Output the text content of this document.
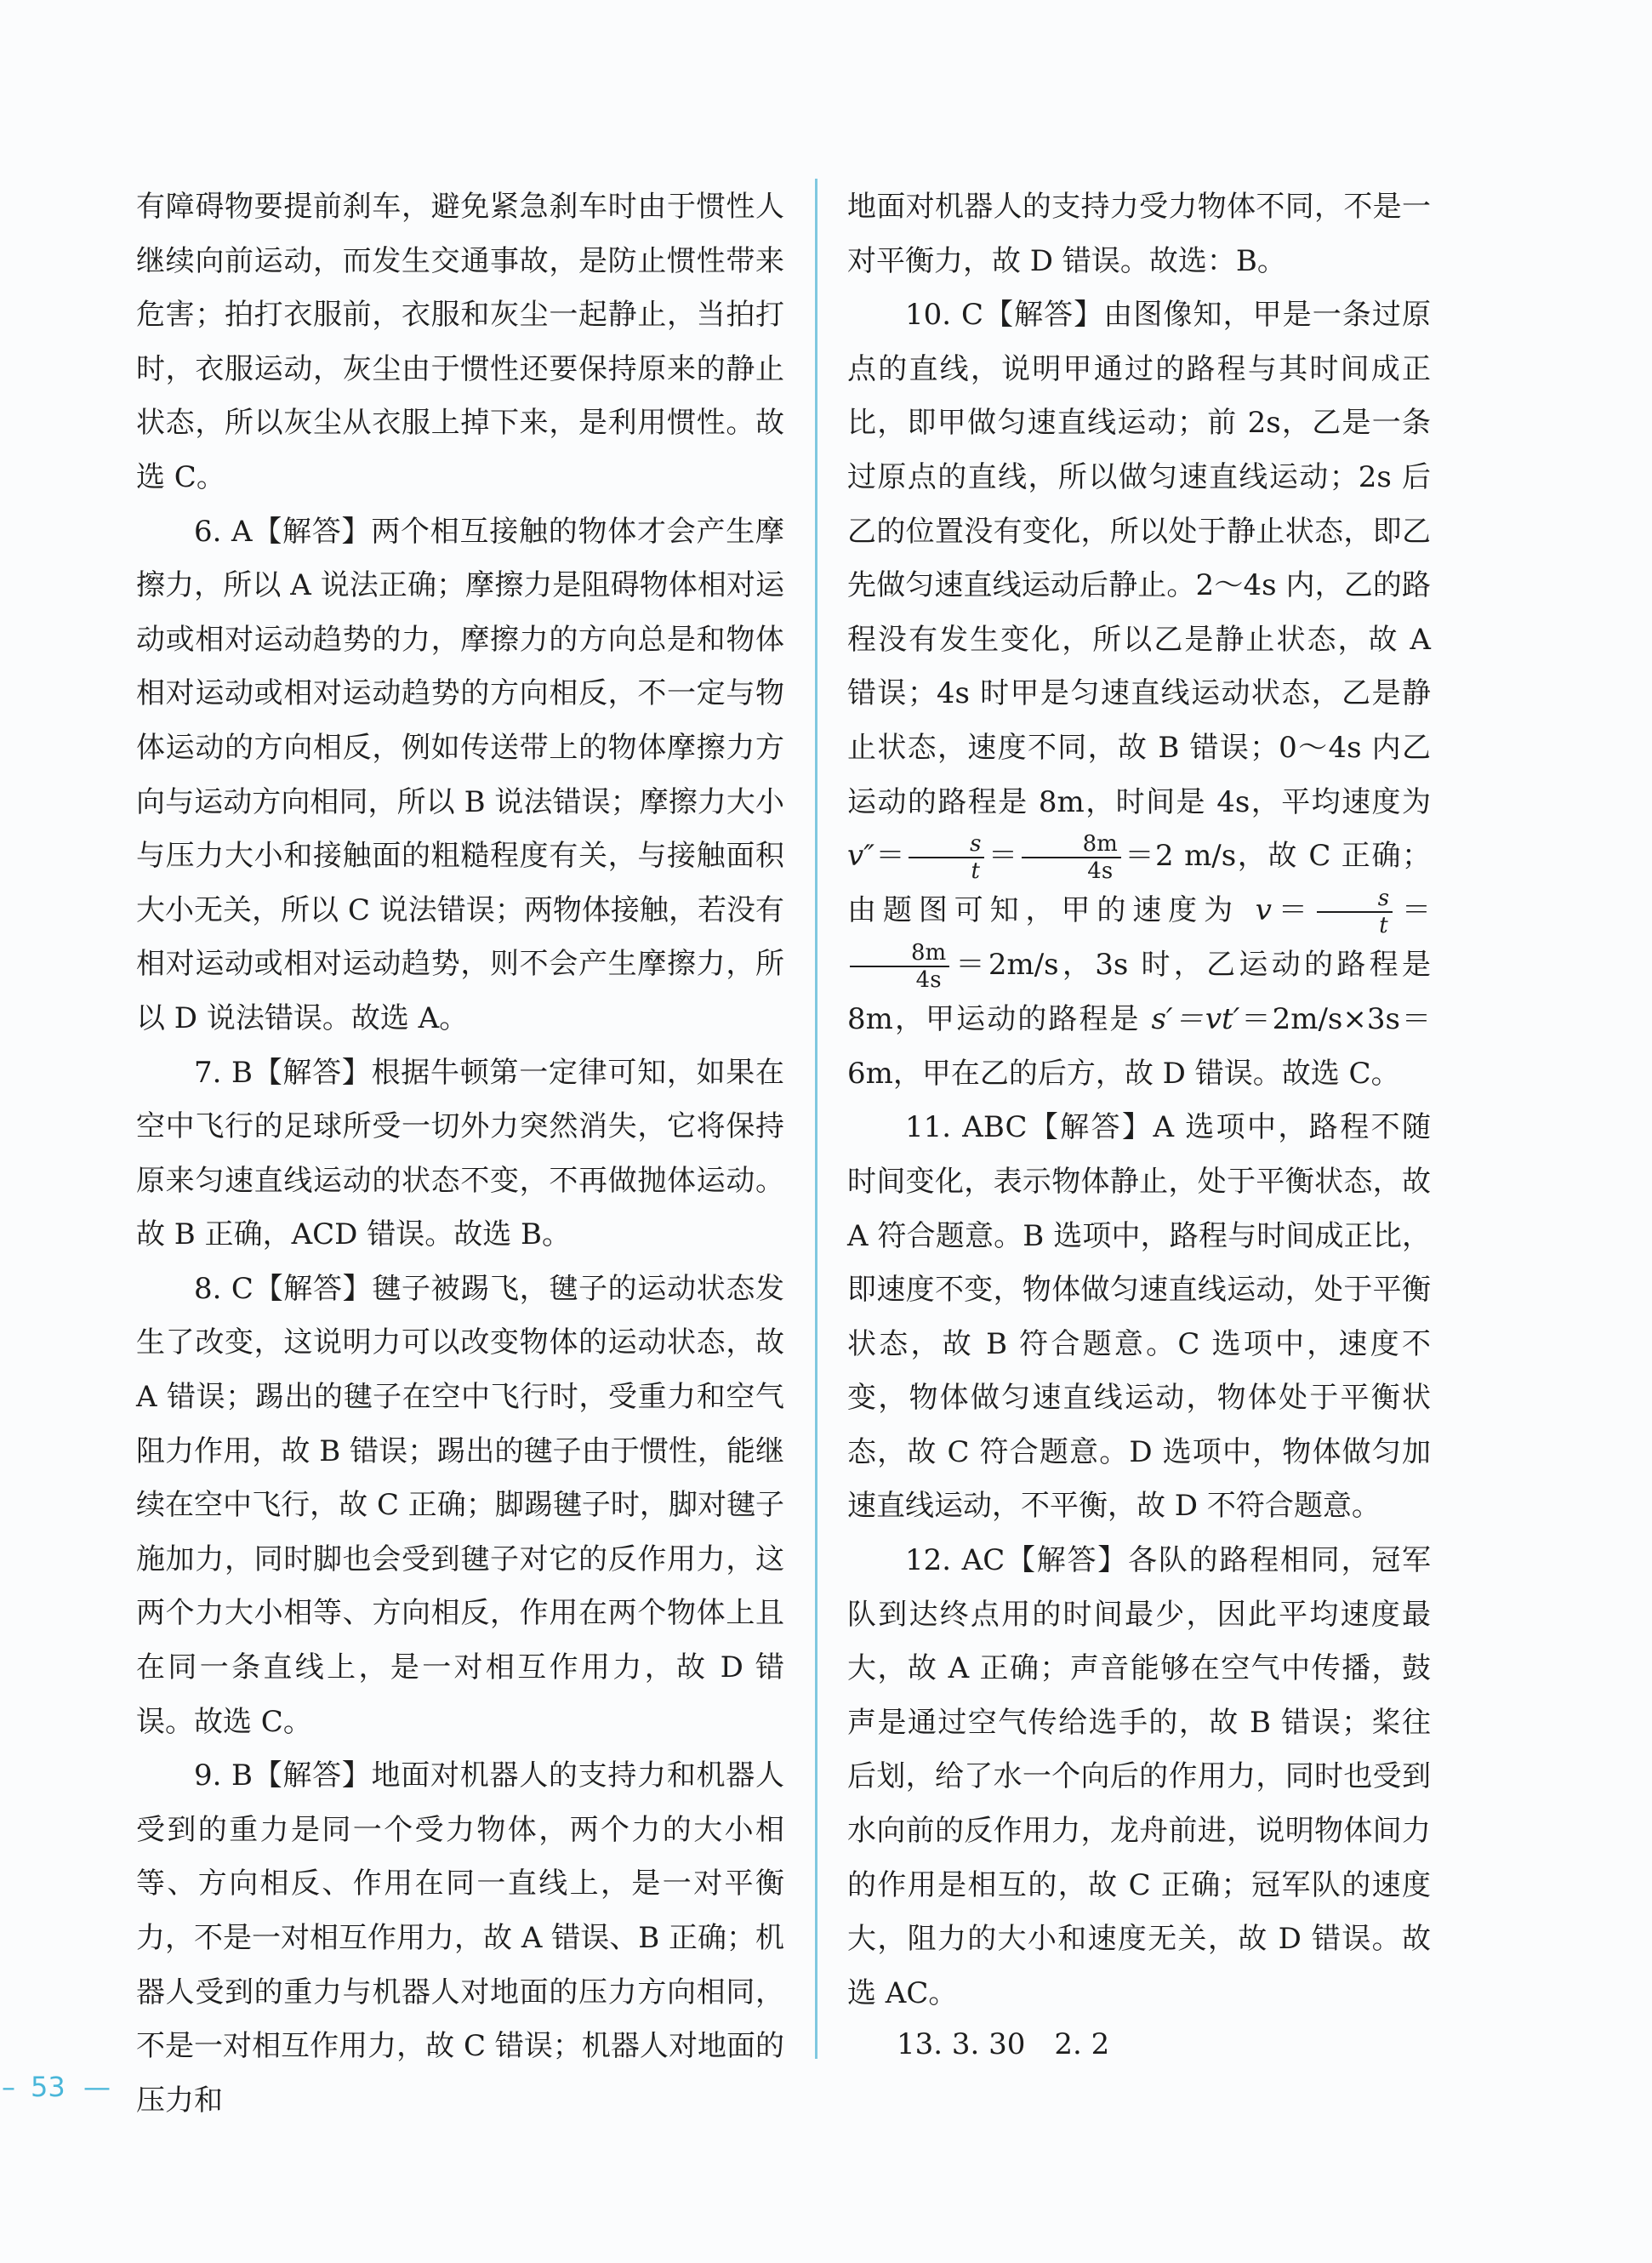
有障碍物要提前刹车，避免紧急刹车时由于惯性人继续向前运动，而发生交通事故，是防止惯性带来危害；拍打衣服前，衣服和灰尘一起静止，当拍打时，衣服运动，灰尘由于惯性还要保持原来的静止状态，所以灰尘从衣服上掉下来，是利用惯性。故选 C。

6. A【解答】两个相互接触的物体才会产生摩擦力，所以 A 说法正确；摩擦力是阻碍物体相对运动或相对运动趋势的力，摩擦力的方向总是和物体相对运动或相对运动趋势的方向相反，不一定与物体运动的方向相反，例如传送带上的物体摩擦力方向与运动方向相同，所以 B 说法错误；摩擦力大小与压力大小和接触面的粗糙程度有关，与接触面积大小无关，所以 C 说法错误；两物体接触，若没有相对运动或相对运动趋势，则不会产生摩擦力，所以 D 说法错误。故选 A。

7. B【解答】根据牛顿第一定律可知，如果在空中飞行的足球所受一切外力突然消失，它将保持原来匀速直线运动的状态不变，不再做抛体运动。故 B 正确，ACD 错误。故选 B。

8. C【解答】毽子被踢飞，毽子的运动状态发生了改变，这说明力可以改变物体的运动状态，故 A 错误；踢出的毽子在空中飞行时，受重力和空气阻力作用，故 B 错误；踢出的毽子由于惯性，能继续在空中飞行，故 C 正确；脚踢毽子时，脚对毽子施加力，同时脚也会受到毽子对它的反作用力，这两个力大小相等、方向相反，作用在两个物体上且在同一条直线上，是一对相互作用力，故 D 错误。故选 C。

9. B【解答】地面对机器人的支持力和机器人受到的重力是同一个受力物体，两个力的大小相等、方向相反、作用在同一直线上，是一对平衡力，不是一对相互作用力，故 A 错误、B 正确；机器人受到的重力与机器人对地面的压力方向相同，不是一对相互作用力，故 C 错误；机器人对地面的压力和

地面对机器人的支持力受力物体不同，不是一对平衡力，故 D 错误。故选：B。

10. C【解答】由图像知，甲是一条过原点的直线，说明甲通过的路程与其时间成正比，即甲做匀速直线运动；前 2s，乙是一条过原点的直线，所以做匀速直线运动；2s 后乙的位置没有变化，所以处于静止状态，即乙先做匀速直线运动后静止。2～4s 内，乙的路程没有发生变化，所以乙是静止状态，故 A 错误；4s 时甲是匀速直线运动状态，乙是静止状态，速度不同，故 B 错误；0～4s 内乙运动的路程是 8m，时间是 4s，平均速度为 $v''= \frac{s}{t} = \frac{8m}{4s} =2$ m/s，故 C 正确；由题图可知，甲的速度为 $v= \frac{s}{t}$ ＝
$\frac{8m}{4s} =2m/s$，3s 时，乙运动的路程是 8m，甲运动的路程是 s′＝vt′＝2m/s×3s＝6m，甲在乙的后方，故 D 错误。故选 C。

11. ABC【解答】A 选项中，路程不随时间变化，表示物体静止，处于平衡状态，故 A 符合题意。B 选项中，路程与时间成正比，即速度不变，物体做匀速直线运动，处于平衡状态，故 B 符合题意。C 选项中，速度不变，物体做匀速直线运动，物体处于平衡状态，故 C 符合题意。D 选项中，物体做匀加速直线运动，不平衡，故 D 不符合题意。

12. AC【解答】各队的路程相同，冠军队到达终点用的时间最少，因此平均速度最大，故 A 正确；声音能够在空气中传播，鼓声是通过空气传给选手的，故 B 错误；桨往后划，给了水一个向后的作用力，同时也受到水向前的反作用力，龙舟前进，说明物体间力的作用是相互的，故 C 正确；冠军队的速度大，阻力的大小和速度无关，故 D 错误。故选 AC。

13. 3. 30　2. 2
– 53 —
